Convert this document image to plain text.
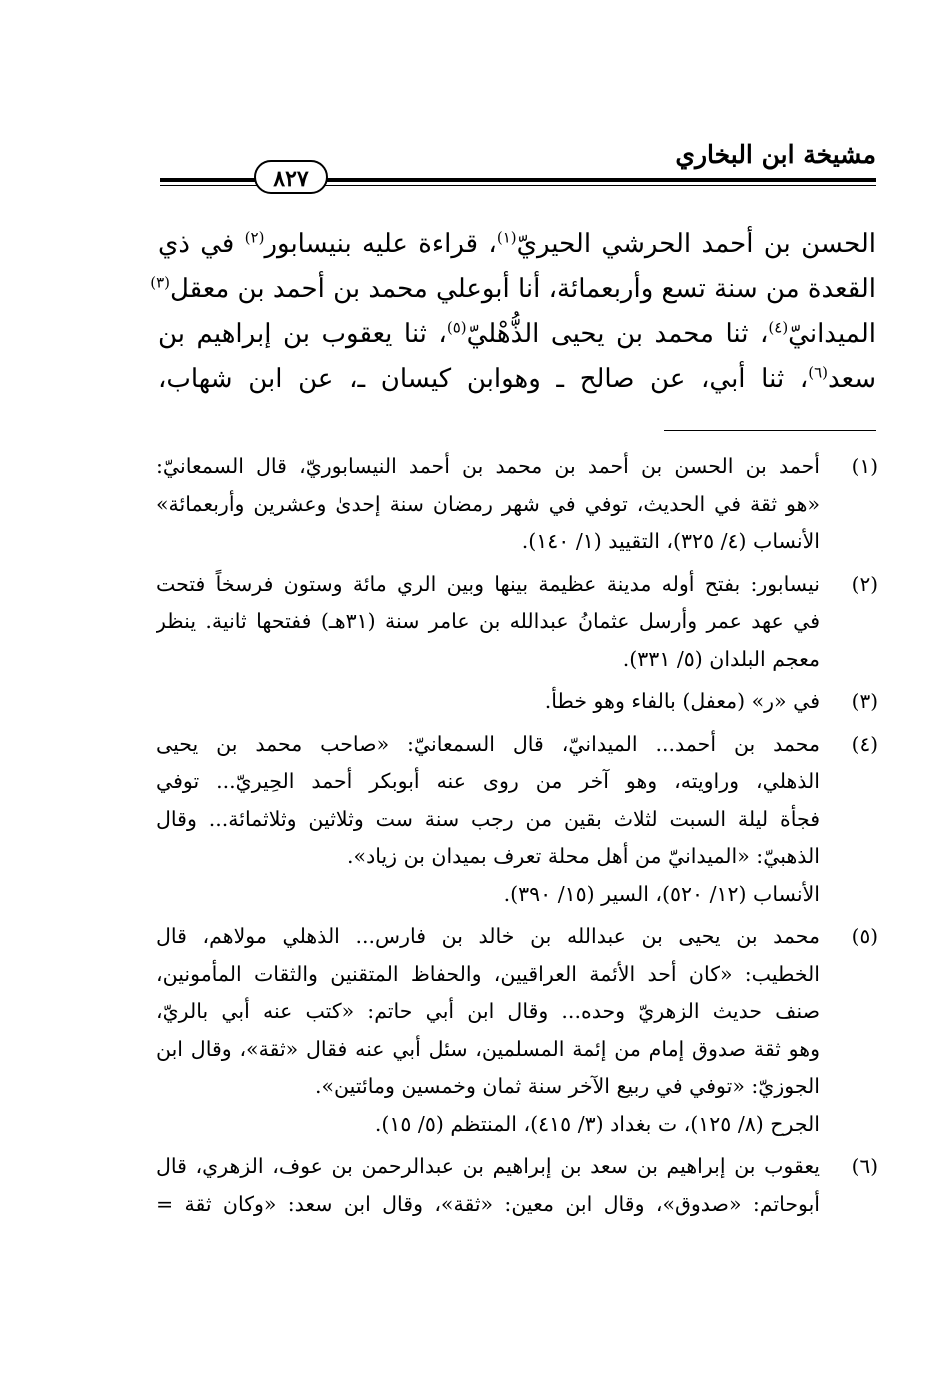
مشيخة ابن البخاري
٨٢٧
الحسن بن أحمد الحرشي الحيريّ$^{(١)}$، قراءة عليه بنيسابور$^{(٢)}$ في ذي
القعدة من سنة تسع وأربعمائة، أنا أبوعلي محمد بن أحمد بن معقل$^{(٣)}$
الميدانيّ$^{(٤)}$، ثنا محمد بن يحيى الذُّهْليّ$^{(٥)}$، ثنا يعقوب بن إبراهيم بن
سعد$^{(٦)}$، ثنا أبي، عن صالح ـ وهوابن كيسان ـ، عن ابن شهاب،
(١)
أحمد بن الحسن بن أحمد بن محمد بن أحمد النيسابوريّ، قال السمعانيّ:
«هو ثقة في الحديث، توفي في شهر رمضان سنة إحدىٰ وعشرين وأربعمائة»
الأنساب (٤/ ٣٢٥)، التقييد (١/ ١٤٠).
(٢)
نيسابور: بفتح أوله مدينة عظيمة بينها وبين الري مائة وستون فرسخاً فتحت
في عهد عمر وأرسل عثمانُ عبدالله بن عامر سنة (٣١هـ) ففتحها ثانية. ينظر
معجم البلدان (٥/ ٣٣١).
(٣)
في «ر» (معفل) بالفاء وهو خطأ.
(٤)
محمد بن أحمد... الميدانيّ، قال السمعانيّ: «صاحب محمد بن يحيى
الذهلي، وراويته، وهو آخر من روى عنه أبوبكر أحمد الحِيريّ... توفي
فجأة ليلة السبت لثلاث بقين من رجب سنة ست وثلاثين وثلاثمائة... وقال
الذهبيّ: «الميدانيّ من أهل محلة تعرف بميدان بن زياد».
الأنساب (١٢/ ٥٢٠)، السير (١٥/ ٣٩٠).
(٥)
محمد بن يحيى بن عبدالله بن خالد بن فارس... الذهلي مولاهم، قال
الخطيب: «كان أحد الأئمة العراقيين، والحفاظ المتقنين والثقات المأمونين،
صنف حديث الزهريّ وحده... وقال ابن أبي حاتم: «كتب عنه أبي بالريّ،
وهو ثقة صدوق إمام من إئمة المسلمين، سئل أبي عنه فقال «ثقة»، وقال ابن
الجوزيّ: «توفي في ربيع الآخر سنة ثمان وخمسين ومائتين».
الجرح (٨/ ١٢٥)، ت بغداد (٣/ ٤١٥)، المنتظم (٥/ ١٥).
(٦)
يعقوب بن إبراهيم بن سعد بن إبراهيم بن عبدالرحمن بن عوف، الزهري، قال
أبوحاتم: «صدوق»، وقال ابن معين: «ثقة»، وقال ابن سعد: «وكان ثقة =
